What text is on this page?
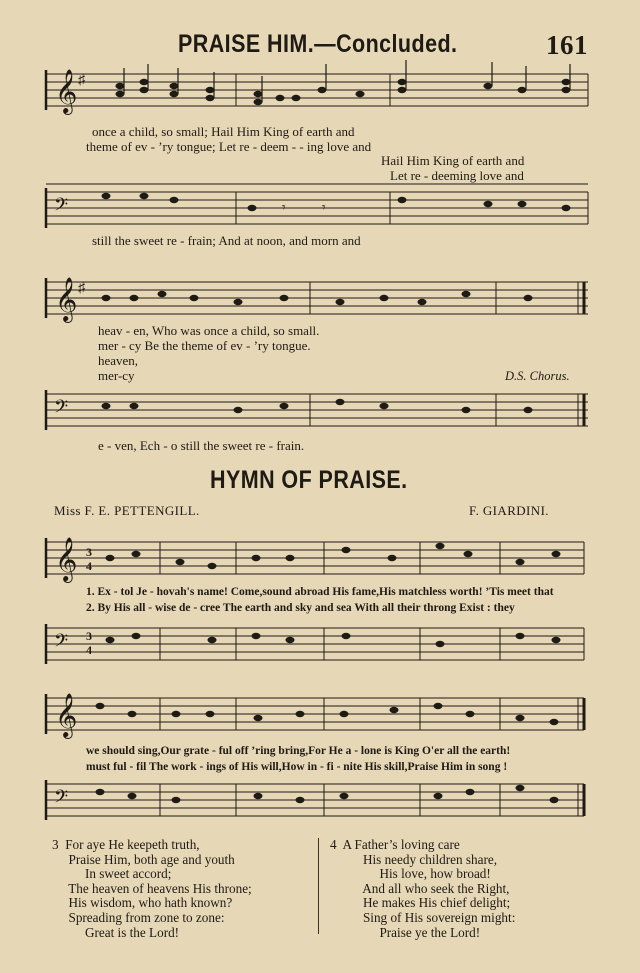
PRAISE HIM.—Concluded.	161
𝄞 ♯
once a child, so small; Hail Him King of earth and
theme of ev - ’ry tongue; Let re - deem - - ing love and
Hail Him King of earth and
Let re - deeming love and
𝄢	𝄾	𝄾
still the sweet re - frain; And at noon, and morn and
𝄞 ♯
heav - en, Who was once a child, so small.
mer - cy Be the theme of ev - ’ry tongue.
heaven,
mer-cy	D.S. Chorus.
𝄢
e - ven, Ech - o still the sweet re - frain.
HYMN OF PRAISE.
Miss F. E. PETTENGILL.	F. GIARDINI.
𝄞 3
4
1. Ex - tol Je - hovah's name! Come,sound abroad His fame,His matchless worth! ’Tis meet that
2. By His all - wise de - cree The earth and sky and sea With all their throng Exist : they
𝄢 3
4
𝄞
we should sing,Our grate - ful off ’ring bring,For He a - lone is King O'er all the earth!
must ful - fil The work - ings of His will,How in - fi - nite His skill,Praise Him in song !
𝄢
3  For aye He keepeth truth,
Praise Him, both age and youth
In sweet accord;
The heaven of heavens His throne;
His wisdom, who hath known?
Spreading from zone to zone:
Great is the Lord!
4  A Father’s loving care
His needy children share,
His love, how broad!
And all who seek the Right,
He makes His chief delight;
Sing of His sovereign might:
Praise ye the Lord!
